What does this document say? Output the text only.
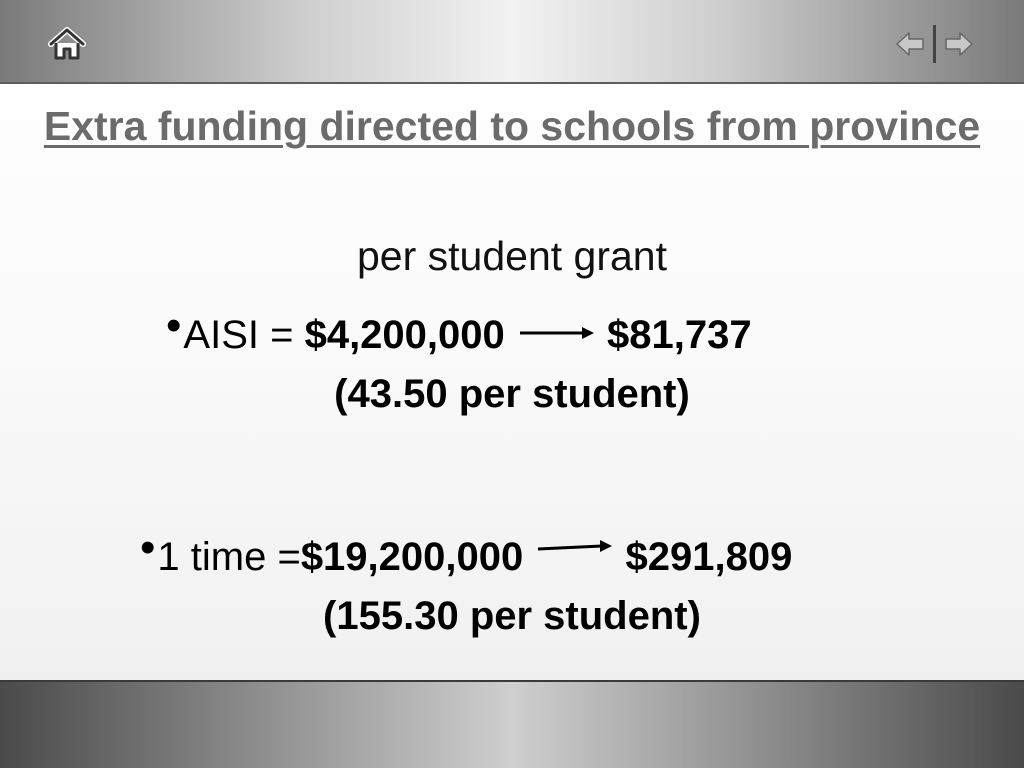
Extra funding directed to schools from province
per student grant
•AISI = $4,200,000	$81,737
(43.50 per student)
•1 time =$19,200,000	$291,809
(155.30 per student)
